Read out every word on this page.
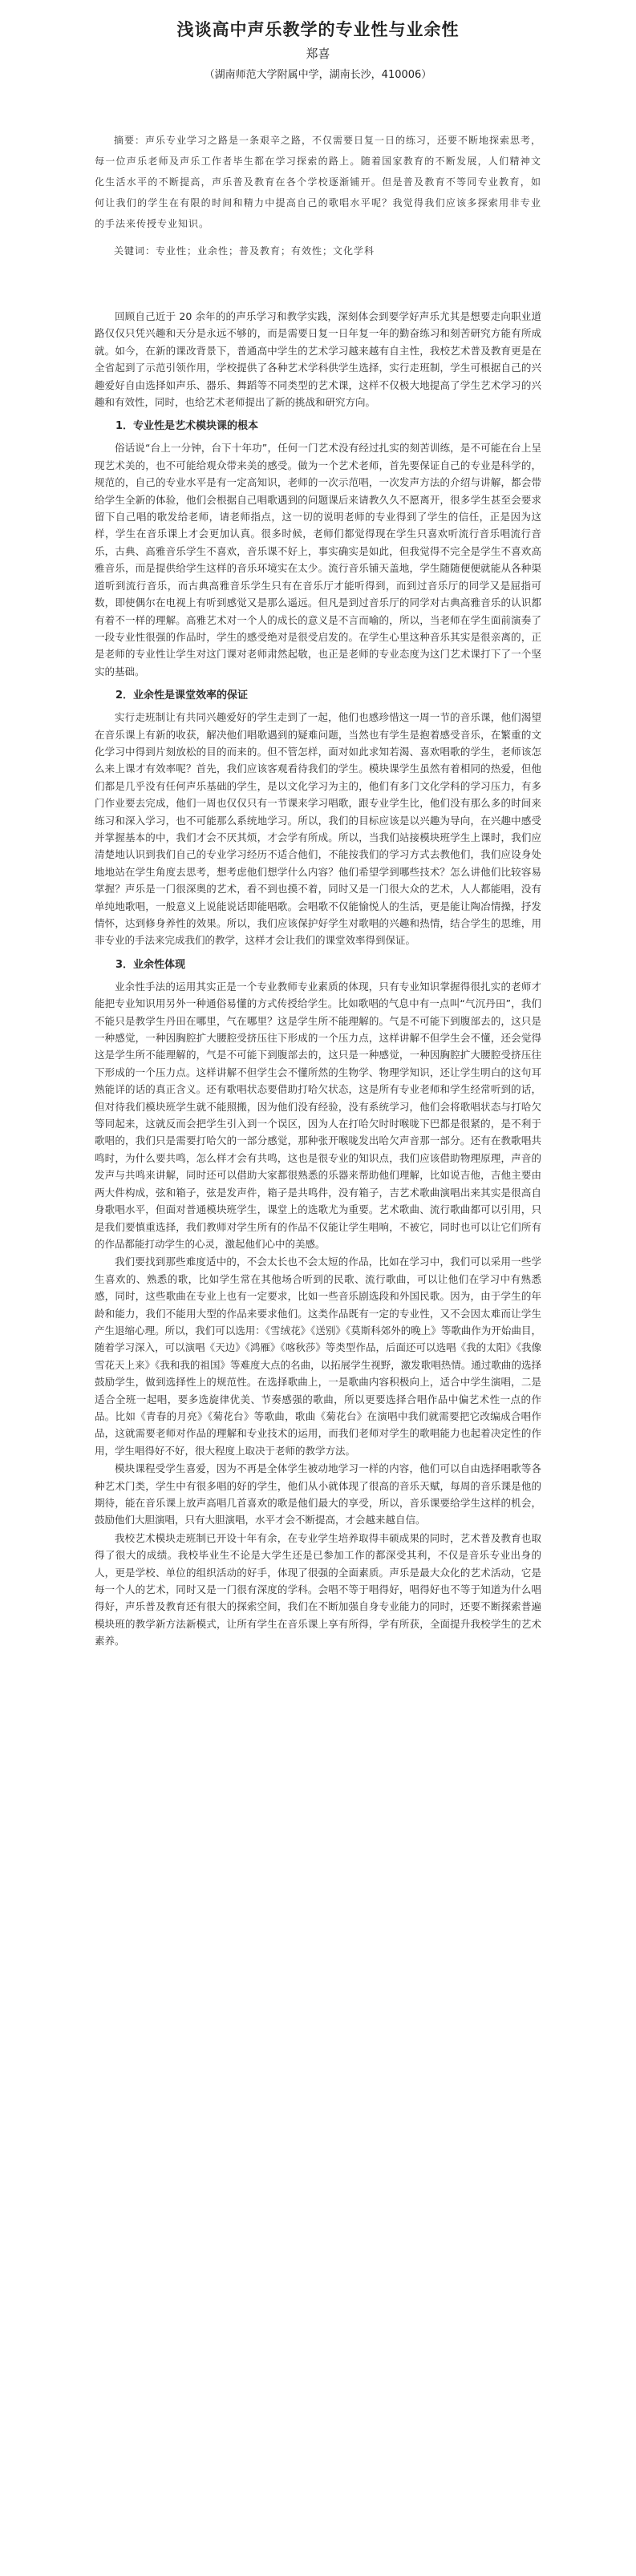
浅谈高中声乐教学的专业性与业余性
郑喜
（湖南师范大学附属中学，湖南长沙，410006）

摘要：声乐专业学习之路是一条艰辛之路，不仅需要日复一日的练习，还要不断地探索思考，每一位声乐老师及声乐工作者毕生都在学习探索的路上。随着国家教育的不断发展，人们精神文化生活水平的不断提高，声乐普及教育在各个学校逐渐铺开。但是普及教育不等同专业教育，如何让我们的学生在有限的时间和精力中提高自己的歌唱水平呢？我觉得我们应该多探索用非专业的手法来传授专业知识。

关键词：专业性；业余性；普及教育；有效性；文化学科

回顾自己近于 20 余年的的声乐学习和教学实践，深刻体会到要学好声乐尤其是想要走向职业道路仅仅只凭兴趣和天分是永远不够的，而是需要日复一日年复一年的勤奋练习和刻苦研究方能有所成就。如今，在新的课改背景下，普通高中学生的艺术学习越来越有自主性，我校艺术普及教育更是在全省起到了示范引领作用，学校提供了各种艺术学科供学生选择，实行走班制，学生可根据自己的兴趣爱好自由选择如声乐、器乐、舞蹈等不同类型的艺术课，这样不仅极大地提高了学生艺术学习的兴趣和有效性，同时，也给艺术老师提出了新的挑战和研究方向。

1．专业性是艺术模块课的根本

俗话说“台上一分钟，台下十年功”，任何一门艺术没有经过扎实的刻苦训练，是不可能在台上呈现艺术美的，也不可能给观众带来美的感受。做为一个艺术老师，首先要保证自己的专业是科学的，规范的，自己的专业水平是有一定高知识，老师的一次示范唱，一次发声方法的介绍与讲解，都会带给学生全新的体验，他们会根据自己唱歌遇到的问题课后来请教久久不愿离开，很多学生甚至会要求留下自己唱的歌发给老师，请老师指点，这一切的说明老师的专业得到了学生的信任，正是因为这样，学生在音乐课上才会更加认真。很多时候，老师们都觉得现在学生只喜欢听流行音乐唱流行音乐，古典、高雅音乐学生不喜欢，音乐课不好上，事实确实是如此，但我觉得不完全是学生不喜欢高雅音乐，而是提供给学生这样的音乐环境实在太少。流行音乐铺天盖地，学生随随便便就能从各种渠道听到流行音乐，而古典高雅音乐学生只有在音乐厅才能听得到，而到过音乐厅的同学又是屈指可数，即使偶尔在电视上有听到感觉又是那么遥远。但凡是到过音乐厅的同学对古典高雅音乐的认识都有着不一样的理解。高雅艺术对一个人的成长的意义是不言而喻的，所以，当老师在学生面前演奏了一段专业性很强的作品时，学生的感受绝对是很受启发的。在学生心里这种音乐其实是很亲离的，正是老师的专业性让学生对这门课对老师肃然起敬，也正是老师的专业态度为这门艺术课打下了一个坚实的基础。

2．业余性是课堂效率的保证

实行走班制让有共同兴趣爱好的学生走到了一起，他们也感珍惜这一周一节的音乐课，他们渴望在音乐课上有新的收获，解决他们唱歌遇到的疑难问题，当然也有学生是抱着感受音乐，在繁重的文化学习中得到片刻放松的目的而来的。但不管怎样，面对如此求知若渴、喜欢唱歌的学生，老师该怎么来上课才有效率呢？首先，我们应该客观看待我们的学生。模块课学生虽然有着相同的热爱，但他们都是几乎没有任何声乐基础的学生，是以文化学习为主的，他们有多门文化学科的学习压力，有多门作业要去完成，他们一周也仅仅只有一节课来学习唱歌，跟专业学生比，他们没有那么多的时间来练习和深入学习，也不可能那么系统地学习。所以，我们的目标应该是以兴趣为导向，在兴趣中感受并掌握基本的中，我们才会不厌其烦，才会学有所成。所以，当我们站接模块班学生上课时，我们应清楚地认识到我们自己的专业学习经历不适合他们，不能按我们的学习方式去教他们，我们应设身处地地站在学生角度去思考，想考虑他们想学什么内容？他们希望学到哪些技术？怎么讲他们比较容易掌握？声乐是一门很深奥的艺术，看不到也摸不着，同时又是一门很大众的艺术，人人都能唱，没有单纯地歌唱，一般意义上说能说话即能唱歌。会唱歌不仅能愉悦人的生活，更是能让陶冶情操，抒发情怀，达到修身养性的效果。所以，我们应该保护好学生对歌唱的兴趣和热情，结合学生的思维，用非专业的手法来完成我们的教学，这样才会让我们的课堂效率得到保证。

3．业余性体现

业余性手法的运用其实正是一个专业教师专业素质的体现，只有专业知识掌握得很扎实的老师才能把专业知识用另外一种通俗易懂的方式传授给学生。比如歌唱的气息中有一点叫“气沉丹田”，我们不能只是教学生丹田在哪里，气在哪里？这是学生所不能理解的。气是不可能下到腹部去的，这只是一种感觉，一种因胸腔扩大腰腔受挤压往下形成的一个压力点，这样讲解不但学生会不懂，还会觉得这是学生所不能理解的，气是不可能下到腹部去的，这只是一种感觉，一种因胸腔扩大腰腔受挤压往下形成的一个压力点。这样讲解不但学生会不懂所然的生物学、物理学知识，还让学生明白的这句耳熟能详的话的真正含义。还有歌唱状态要借助打哈欠状态，这是所有专业老师和学生经常听到的话，但对待我们模块班学生就不能照搬，因为他们没有经验，没有系统学习，他们会将歌唱状态与打哈欠等同起来，这就反而会把学生引入到一个误区，因为人在打哈欠时时喉咙下巴都是很紧的，是不利于歌唱的，我们只是需要打哈欠的一部分感觉，那种张开喉咙发出哈欠声音那一部分。还有在教歌唱共鸣时，为什么要共鸣，怎么样才会有共鸣，这也是很专业的知识点，我们应该借助物理原理，声音的发声与共鸣来讲解，同时还可以借助大家都很熟悉的乐器来帮助他们理解，比如说吉他，吉他主要由两大件构成，弦和箱子，弦是发声件，箱子是共鸣件，没有箱子，吉艺术歌曲演唱出来其实是很高自身歌唱水平，但面对普通模块班学生，课堂上的选歌尤为重要。艺术歌曲、流行歌曲都可以引用，只是我们要慎重选择，我们教师对学生所有的作品不仅能让学生唱响，不被它，同时也可以让它们所有的作品都能打动学生的心灵，激起他们心中的美感。

我们要找到那些难度适中的，不会太长也不会太短的作品，比如在学习中，我们可以采用一些学生喜欢的、熟悉的歌，比如学生常在其他场合听到的民歌、流行歌曲，可以让他们在学习中有熟悉感，同时，这些歌曲在专业上也有一定要求，比如一些音乐剧选段和外国民歌。因为，由于学生的年龄和能力，我们不能用大型的作品来要求他们。这类作品既有一定的专业性，又不会因太难而让学生产生退缩心理。所以，我们可以选用：《雪绒花》《送别》《莫斯科郊外的晚上》等歌曲作为开始曲目，随着学习深入，可以演唱《天边》《鸿雁》《喀秋莎》等类型作品，后面还可以选唱《我的太阳》《我像雪花天上来》《我和我的祖国》等难度大点的名曲，以拓展学生视野，激发歌唱热情。通过歌曲的选择鼓励学生，做到选择性上的规范性。在选择歌曲上，一是歌曲内容积极向上，适合中学生演唱，二是适合全班一起唱，要多选旋律优美、节奏感强的歌曲，所以更要选择合唱作品中偏艺术性一点的作品。比如《青春的月亮》《菊花台》等歌曲，歌曲《菊花台》在演唱中我们就需要把它改编成合唱作品，这就需要老师对作品的理解和专业技术的运用，而我们老师对学生的歌唱能力也起着决定性的作用，学生唱得好不好，很大程度上取决于老师的教学方法。

模块课程受学生喜爱，因为不再是全体学生被动地学习一样的内容，他们可以自由选择唱歌等各种艺术门类，学生中有很多唱的好的学生，他们从小就体现了很高的音乐天赋，每周的音乐课是他的期待，能在音乐课上放声高唱几首喜欢的歌是他们最大的享受，所以，音乐课要给学生这样的机会，鼓励他们大胆演唱，只有大胆演唱，水平才会不断提高，才会越来越自信。

我校艺术模块走班制已开设十年有余，在专业学生培养取得丰硕成果的同时，艺术普及教育也取得了很大的成绩。我校毕业生不论是大学生还是已参加工作的都深受其利，不仅是音乐专业出身的人，更是学校、单位的组织活动的好手，体现了很强的全面素质。声乐是最大众化的艺术活动，它是每一个人的艺术，同时又是一门很有深度的学科。会唱不等于唱得好，唱得好也不等于知道为什么唱得好，声乐普及教育还有很大的探索空间，我们在不断加强自身专业能力的同时，还要不断探索普遍模块班的教学新方法新模式，让所有学生在音乐课上享有所得，学有所获，全面提升我校学生的艺术素养。
